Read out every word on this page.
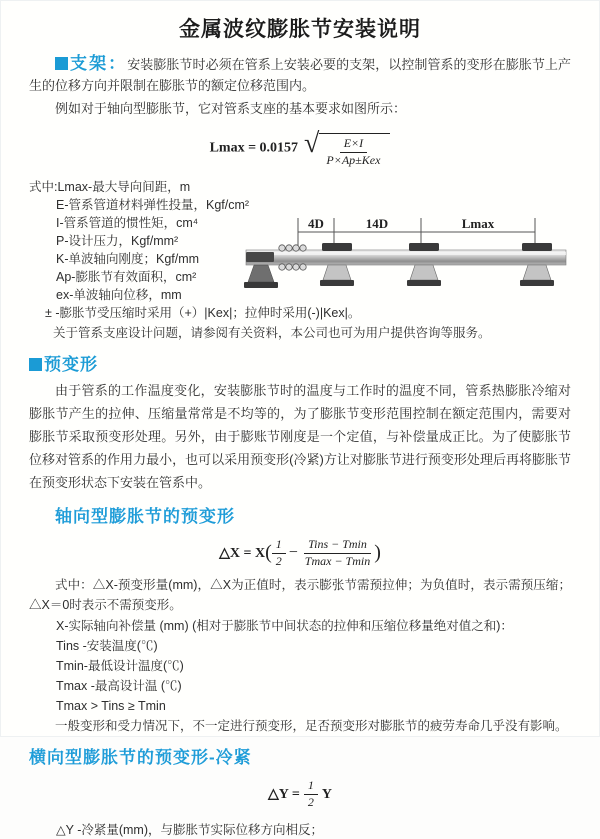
金属波纹膨胀节安装说明

支架：安装膨胀节时必须在管系上安装必要的支架，以控制管系的变形在膨胀节上产生的位移方向并限制在膨胀节的额定位移范围内。

例如对于轴向型膨胀节，它对管系支座的基本要求如图所示：

Lmax = 0.0157 √ $\frac{E\times I}{\text{P×Ap±Kex}}$
式中:Lmax-最大导向间距，m
E-管系管道材料弹性投量，Kgf/cm²
I-管系管道的惯性矩，cm⁴
P-设计压力，Kgf/mm²
K-单波轴向刚度；Kgf/mm
Ap-膨胀节有效面积，cm²
ex-单波轴向位移，mm
± -膨胀节受压缩时采用（+）|Kex|；拉伸时采用(-)|Kex|。
关于管系支座设计问题，请参阅有关资料，本公司也可为用户提供咨询等服务。
4D	14D	Lmax
预变形

由于管系的工作温度变化，安装膨胀节时的温度与工作时的温度不同，管系热膨胀冷缩对膨胀节产生的拉伸、压缩量常常是不均等的，为了膨胀节变形范围控制在额定范围内，需要对膨胀节采取预变形处理。另外，由于膨账节刚度是一个定值，与补偿量成正比。为了使膨胀节位移对管系的作用力最小，也可以采用预变形(冷紧)方让对膨胀节进行预变形处理后再将膨胀节在预变形状态下安装在管系中。

轴向型膨胀节的预变形
△X = $X( \frac{1}{2} - \frac{\text{Tins − Tmin}}{Tmax - Tmin}$ )

式中：△X-预变形量(mm)，△X为正值时，表示膨张节需预拉伸；为负值时，表示需预压缩；△X＝0时表示不需预变形。

X-实际轴向补偿量 (mm) (相对于膨胀节中间状态的拉伸和压缩位移量绝对值之和)：
Tins -安装温度(℃)
Tmin-最低设计温度(℃)
Tmax -最高设计温 (℃)
Tmax > Tins ≥ Tmin
一般变形和受力情况下，不一定进行预变形，足否预变形对膨胀节的疲劳寿命几乎没有影响。
横向型膨胀节的预变形-冷紧
△Y = $\frac{1}{2}$ Y
△Y -冷紧量(mm)，与膨胀节实际位移方向相反；
